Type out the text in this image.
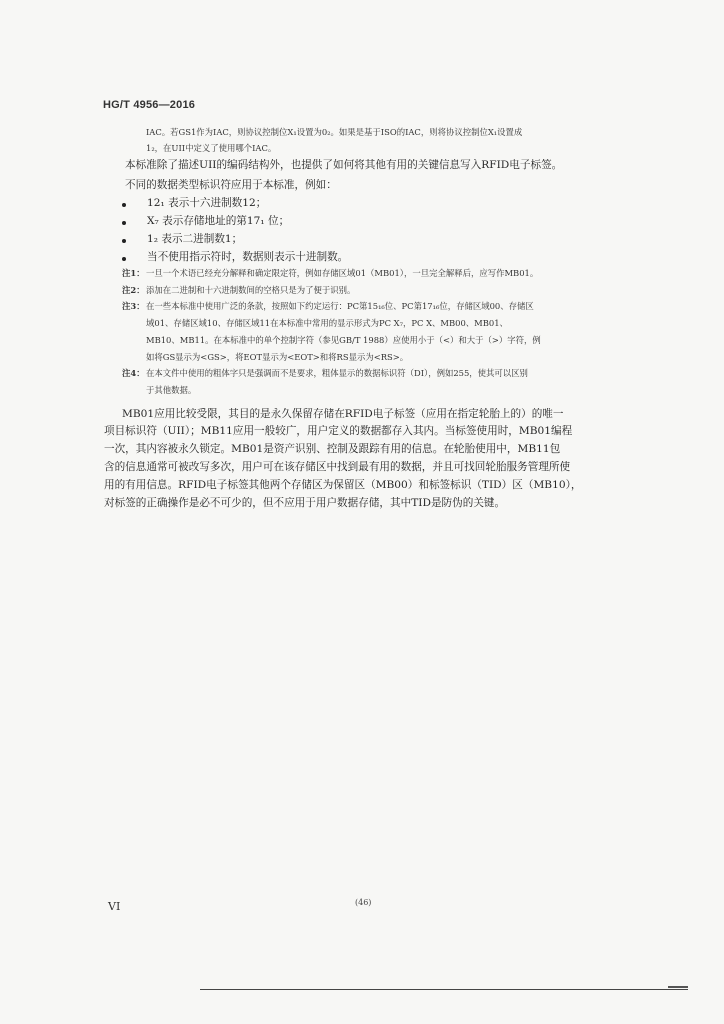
HG/T 4956—2016
IAC。若GS1作为IAC，则协议控制位X₁设置为0₂。如果是基于ISO的IAC，则将协议控制位X₁设置成
1₂，在UII中定义了使用哪个IAC。
本标准除了描述UII的编码结构外，也提供了如何将其他有用的关键信息写入RFID电子标签。
不同的数据类型标识符应用于本标准，例如：
12₁ 表示十六进制数12；
X₇ 表示存储地址的第17₁ 位；
1₂ 表示二进制数1；
当不使用指示符时，数据则表示十进制数。
注1： 一旦一个术语已经充分解释和确定限定符，例如存储区域01（MB01），一旦完全解释后，应写作MB01。
注2： 添加在二进制和十六进制数间的空格只是为了便于识别。
注3： 在一些本标准中使用广泛的条款，按照如下约定运行：PC第15₁₆位、PC第17₁₆位，存储区域00、存储区
域01、存储区域10、存储区域11在本标准中常用的显示形式为PC X₇，PC X、MB00、MB01、
MB10、MB11。在本标准中的单个控制字符（参见GB/T 1988）应使用小于（<）和大于（>）字符，例
如将GS显示为<GS>，将EOT显示为<EOT>和将RS显示为<RS>。
注4： 在本文件中使用的粗体字只是强调而不是要求，粗体显示的数据标识符（DI），例如255，使其可以区别
于其他数据。
MB01应用比较受限，其目的是永久保留存储在RFID电子标签（应用在指定轮胎上的）的唯一
项目标识符（UII）；MB11应用一般较广，用户定义的数据都存入其内。当标签使用时，MB01编程
一次，其内容被永久锁定。MB01是资产识别、控制及跟踪有用的信息。在轮胎使用中，MB11包
含的信息通常可被改写多次，用户可在该存储区中找到最有用的数据，并且可找回轮胎服务管理所使
用的有用信息。RFID电子标签其他两个存储区为保留区（MB00）和标签标识（TID）区（MB10），
对标签的正确操作是必不可少的，但不应用于用户数据存储，其中TID是防伪的关键。
VI	(46)
